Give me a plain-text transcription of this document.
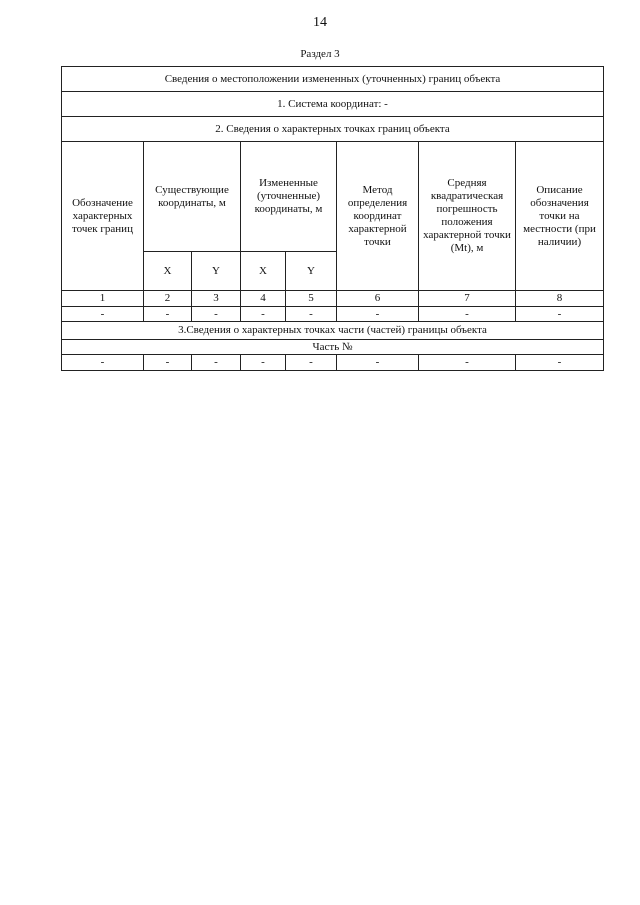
14
Раздел 3
Сведения о местоположении измененных (уточненных) границ объекта							
1. Система координат: -							
2. Сведения о характерных точках границ объекта							
Обозначение характерных точек границ	Существующие координаты, м		Измененные (уточненные) координаты, м		Метод определения координат характерной точки	Средняя квадратическая погрешность положения характерной точки (Mt), м	Описание обозначения точки на местности (при наличии)
	X	Y	X	Y			
1	2	3	4	5	6	7	8
-	-	-	-	-	-	-	-
3.Сведения о характерных точках части (частей) границы объекта							
Часть №							
-	-	-	-	-	-	-	-
